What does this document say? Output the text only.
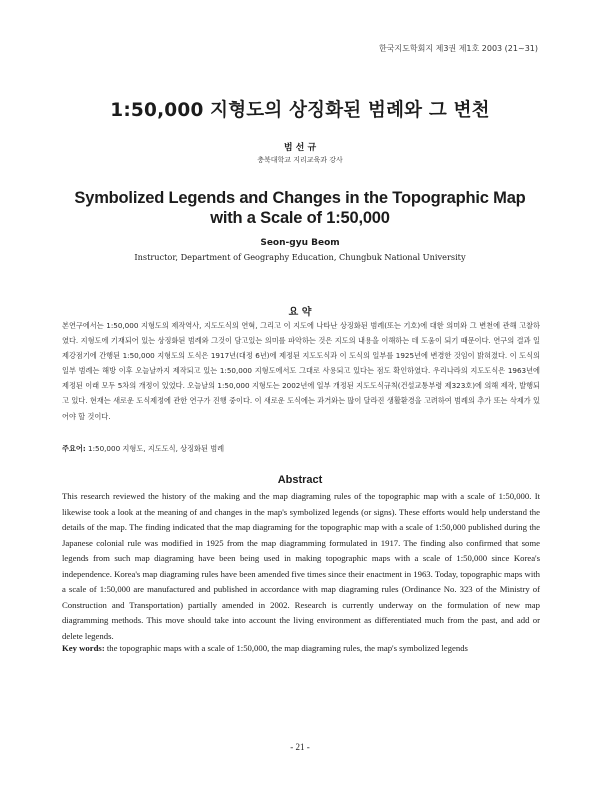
한국지도학회지 제3권 제1호 2003 (21~31)
1:50,000 지형도의 상징화된 범례와 그 변천
범 선 규
충북대학교 지리교육과 강사
Symbolized Legends and Changes in the Topographic Map
with a Scale of 1:50,000
Seon-gyu Beom
Instructor, Department of Geography Education, Chungbuk National University
요 약

본연구에서는 1:50,000 지형도의 제작역사, 지도도식의 연혁, 그리고 이 지도에 나타난 상징화된 범례(또는 기호)에 대한 의미와 그 변천에 관해 고찰하였다. 지형도에 기재되어 있는 상징화된 범례와 그것이 담고있는 의미를 파악하는 것은 지도의 내용을 이해하는 데 도움이 되기 때문이다. 연구의 결과 일제강점기에 간행된 1:50,000 지형도의 도식은 1917년(대정 6년)에 제정된 지도도식과 이 도식의 일부를 1925년에 변경한 것임이 밝혀졌다. 이 도식의 일부 범례는 해방 이후 오늘날까지 제작되고 있는 1:50,000 지형도에서도 그대로 사용되고 있다는 점도 확인하였다. 우리나라의 지도도식은 1963년에 제정된 이래 모두 5차의 개정이 있었다. 오늘날의 1:50,000 지형도는 2002년에 일부 개정된 지도도식규칙(건설교통부령 제323호)에 의해 제작, 발행되고 있다. 현재는 새로운 도식제정에 관한 연구가 진행 중이다. 이 새로운 도식에는 과거와는 많이 달라진 생활환경을 고려하여 범례의 추가 또는 삭제가 있어야 할 것이다.

주요어: 1:50,000 지형도, 지도도식, 상징화된 범례
Abstract

This research reviewed the history of the making and the map diagraming rules of the topographic map with a scale of 1:50,000. It likewise took a look at the meaning of and changes in the map's symbolized legends (or signs). These efforts would help understand the details of the map. The finding indicated that the map diagraming for the topographic map with a scale of 1:50,000 published during the Japanese colonial rule was modified in 1925 from the map diagramming formulated in 1917. The finding also confirmed that some legends from such map diagraming have been being used in making topographic maps with a scale of 1:50,000 since Korea's independence. Korea's map diagraming rules have been amended five times since their enactment in 1963. Today, topographic maps with a scale of 1:50,000 are manufactured and published in accordance with map diagraming rules (Ordinance No. 323 of the Ministry of Construction and Transportation) partially amended in 2002. Research is currently underway on the formulation of new map diagramming methods. This move should take into account the living environment as differentiated much from the past, and add or delete legends.

Key words: the topographic maps with a scale of 1:50,000, the map diagraming rules, the map's symbolized legends
- 21 -
